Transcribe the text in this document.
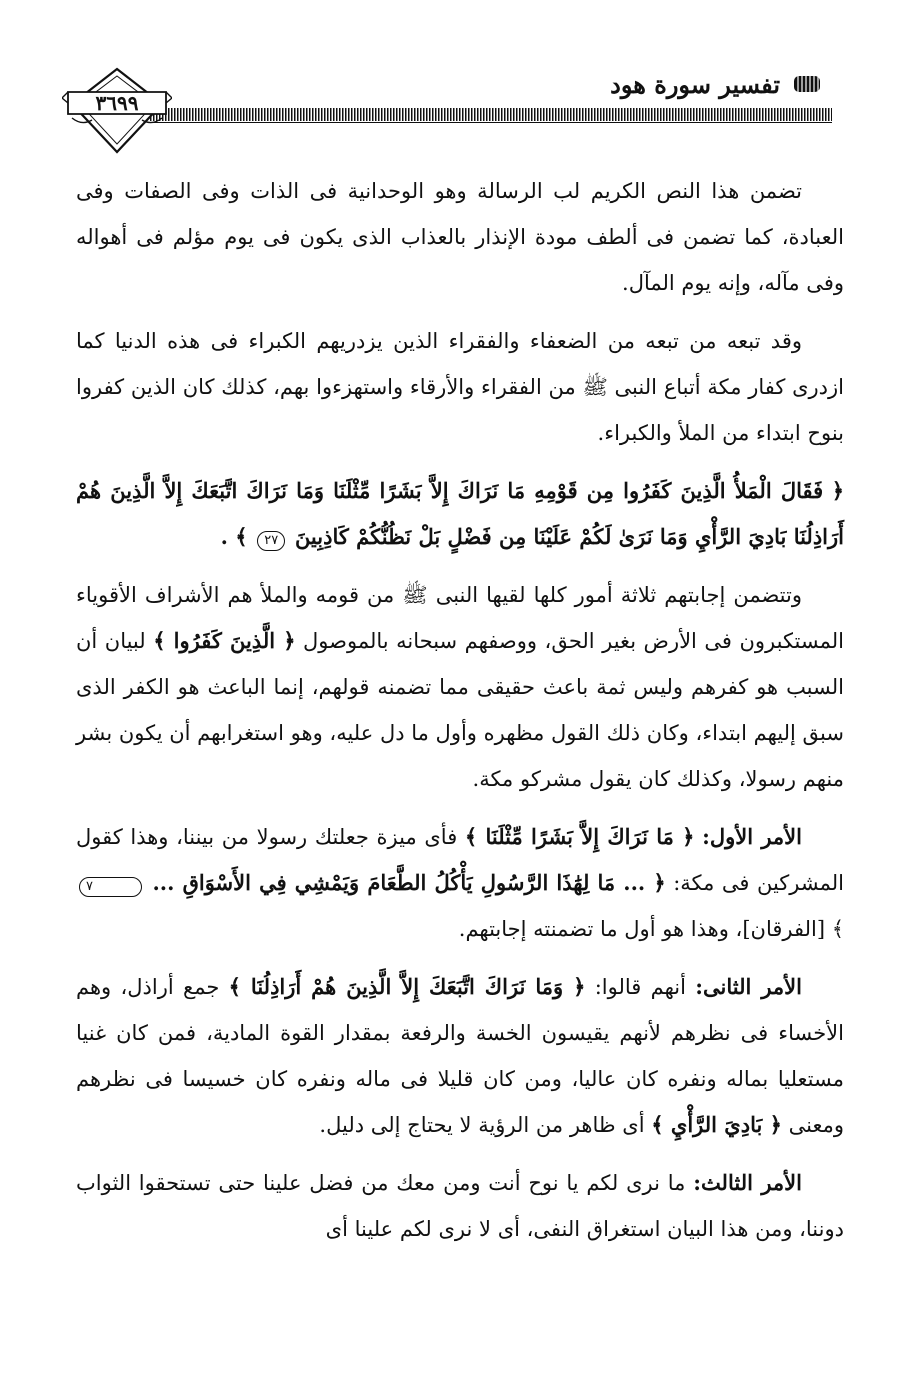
تفسير سورة هود
٣٦٩٩

تضمن هذا النص الكريم لب الرسالة وهو الوحدانية فى الذات وفى الصفات وفى العبادة، كما تضمن فى ألطف مودة الإنذار بالعذاب الذى يكون فى يوم مؤلم فى أهواله وفى مآله، وإنه يوم المآل.

وقد تبعه من تبعه من الضعفاء والفقراء الذين يزدريهم الكبراء فى هذه الدنيا كما ازدرى كفار مكة أتباع النبى ﷺ من الفقراء والأرقاء واستهزءوا بهم، كذلك كان الذين كفروا بنوح ابتداء من الملأ والكبراء.

﴿ فَقَالَ الْمَلأُ الَّذِينَ كَفَرُوا مِن قَوْمِهِ مَا نَرَاكَ إِلاَّ بَشَرًا مِّثْلَنَا وَمَا نَرَاكَ اتَّبَعَكَ إِلاَّ الَّذِينَ هُمْ أَرَاذِلُنَا بَادِيَ الرَّأْيِ وَمَا نَرَىٰ لَكُمْ عَلَيْنَا مِن فَضْلٍ بَلْ نَظُنُّكُمْ كَاذِبِينَ ٢٧ ﴾ .

وتتضمن إجابتهم ثلاثة أمور كلها لقيها النبى ﷺ من قومه والملأ هم الأشراف الأقوياء المستكبرون فى الأرض بغير الحق، ووصفهم سبحانه بالموصول ﴿ الَّذِينَ كَفَرُوا ﴾ لبيان أن السبب هو كفرهم وليس ثمة باعث حقيقى مما تضمنه قولهم، إنما الباعث هو الكفر الذى سبق إليهم ابتداء، وكان ذلك القول مظهره وأول ما دل عليه، وهو استغرابهم أن يكون بشر منهم رسولا، وكذلك كان يقول مشركو مكة.

الأمر الأول: ﴿ مَا نَرَاكَ إِلاَّ بَشَرًا مِّثْلَنَا ﴾ فأى ميزة جعلتك رسولا من بيننا، وهذا كقول المشركين فى مكة: ﴿ ... مَا لِهَٰذَا الرَّسُولِ يَأْكُلُ الطَّعَامَ وَيَمْشِي فِي الأَسْوَاقِ ... ٧ ﴾ [الفرقان]، وهذا هو أول ما تضمنته إجابتهم.

الأمر الثانى: أنهم قالوا: ﴿ وَمَا نَرَاكَ اتَّبَعَكَ إِلاَّ الَّذِينَ هُمْ أَرَاذِلُنَا ﴾ جمع أراذل، وهم الأخساء فى نظرهم لأنهم يقيسون الخسة والرفعة بمقدار القوة المادية، فمن كان غنيا مستعليا بماله ونفره كان عاليا، ومن كان قليلا فى ماله ونفره كان خسيسا فى نظرهم ومعنى ﴿ بَادِيَ الرَّأْيِ ﴾ أى ظاهر من الرؤية لا يحتاج إلى دليل.

الأمر الثالث: ما نرى لكم يا نوح أنت ومن معك من فضل علينا حتى تستحقوا الثواب دوننا، ومن هذا البيان استغراق النفى، أى لا نرى لكم علينا أى
